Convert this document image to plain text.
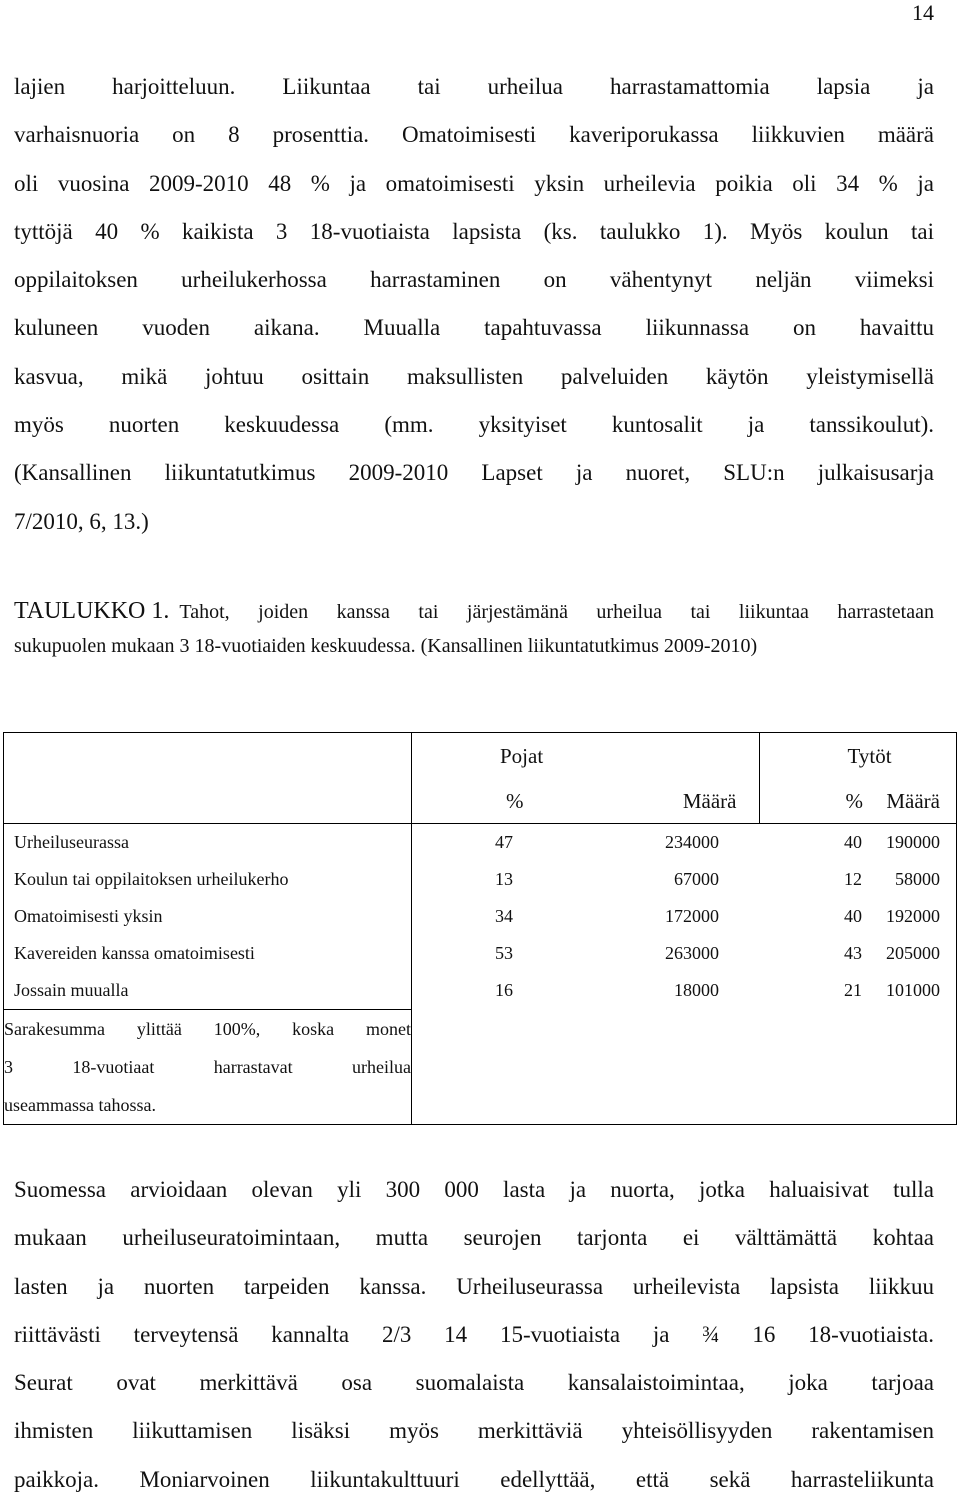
14
lajien harjoitteluun. Liikuntaa tai urheilua harrastamattomia lapsia ja
varhaisnuoria on 8 prosenttia. Omatoimisesti kaveriporukassa liikkuvien määrä
oli vuosina 2009-2010 48 % ja omatoimisesti yksin urheilevia poikia oli 34 % ja
tyttöjä 40 % kaikista 3 18-vuotiaista lapsista (ks. taulukko 1). Myös koulun tai
oppilaitoksen urheilukerhossa harrastaminen on vähentynyt neljän viimeksi
kuluneen vuoden aikana. Muualla tapahtuvassa liikunnassa on havaittu
kasvua, mikä johtuu osittain maksullisten palveluiden käytön yleistymisellä
myös nuorten keskuudessa (mm. yksityiset kuntosalit ja tanssikoulut).
(Kansallinen liikuntatutkimus 2009-2010 Lapset ja nuoret, SLU:n julkaisusarja
7/2010, 6, 13.)
TAULUKKO 1. Tahot, joiden kanssa tai järjestämänä urheilua tai liikuntaa harrastetaan
sukupuolen mukaan 3 18-vuotiaiden keskuudessa. (Kansallinen liikuntatutkimus 2009-2010)
	Pojat		Tytöt	
	%	Määrä	%	Määrä
Urheiluseurassa	47	234000	40	190000
Koulun tai oppilaitoksen urheilukerho	13	67000	12	58000
Omatoimisesti yksin	34	172000	40	192000
Kavereiden kanssa omatoimisesti	53	263000	43	205000
Jossain muualla	16	18000	21	101000

Sarakesumma ylittää 100%, koska monet
3 18-vuotiaat harrastavat urheilua
useammassa tahossa.				

Suomessa arvioidaan olevan yli 300 000 lasta ja nuorta, jotka haluaisivat tulla
mukaan urheiluseuratoimintaan, mutta seurojen tarjonta ei välttämättä kohtaa
lasten ja nuorten tarpeiden kanssa. Urheiluseurassa urheilevista lapsista liikkuu
riittävästi terveytensä kannalta 2/3 14 15-vuotiaista ja ¾ 16 18-vuotiaista.
Seurat ovat merkittävä osa suomalaista kansalaistoimintaa, joka tarjoaa
ihmisten liikuttamisen lisäksi myös merkittäviä yhteisöllisyyden rakentamisen
paikkoja. Moniarvoinen liikuntakulttuuri edellyttää, että sekä harrasteliikunta
